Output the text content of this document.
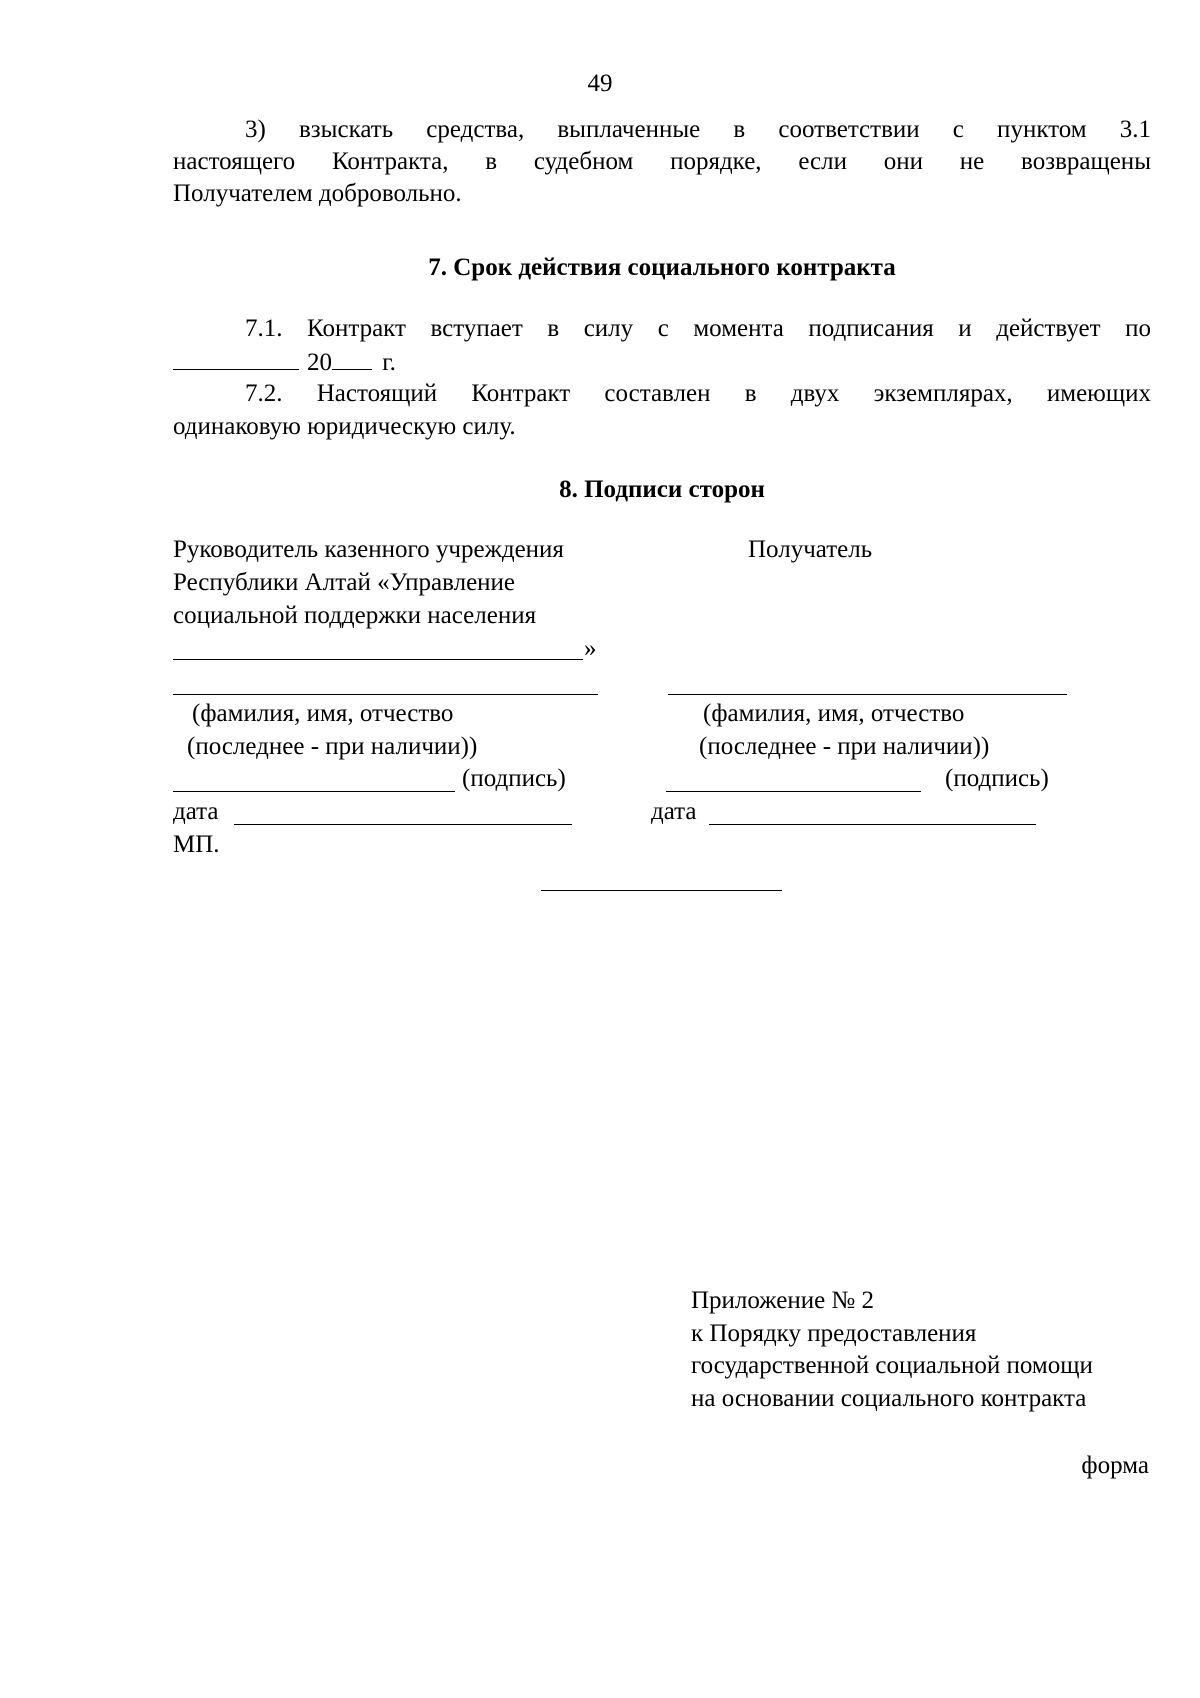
49
3) взыскать средства, выплаченные в соответствии с пунктом 3.1
настоящего Контракта, в судебном порядке, если они не возвращены
Получателем добровольно.
7. Срок действия социального контракта
7.1. Контракт вступает в силу с момента подписания и действует по
20 г.
7.2. Настоящий Контракт составлен в двух экземплярах, имеющих
одинаковую юридическую силу.
8. Подписи сторон
Руководитель казенного учреждения
Республики Алтай «Управление
социальной поддержки населения
»
(фамилия, имя, отчество
(последнее - при наличии))
(подпись)
дата
МП.
Получатель
(фамилия, имя, отчество
(последнее - при наличии))
(подпись)
дата
Приложение № 2
к Порядку предоставления
государственной социальной помощи
на основании социального контракта
форма
